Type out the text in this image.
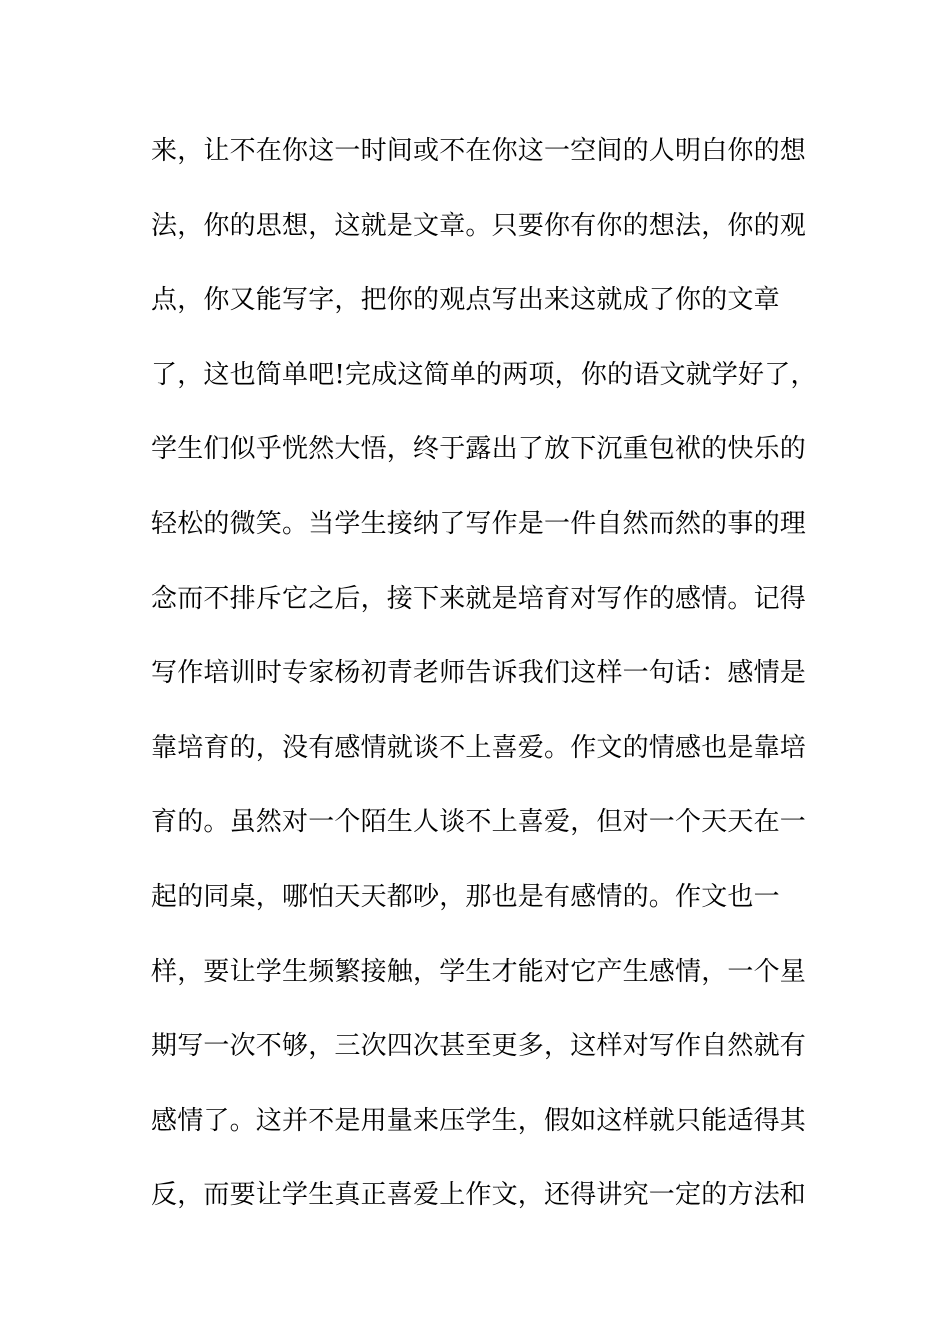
来，让不在你这一时间或不在你这一空间的人明白你的想
法，你的思想，这就是文章。只要你有你的想法，你的观
点，你又能写字，把你的观点写出来这就成了你的文章
了，这也简单吧!完成这简单的两项，你的语文就学好了，
学生们似乎恍然大悟，终于露出了放下沉重包袱的快乐的
轻松的微笑。当学生接纳了写作是一件自然而然的事的理
念而不排斥它之后，接下来就是培育对写作的感情。记得
写作培训时专家杨初青老师告诉我们这样一句话：感情是
靠培育的，没有感情就谈不上喜爱。作文的情感也是靠培
育的。虽然对一个陌生人谈不上喜爱，但对一个天天在一
起的同桌，哪怕天天都吵，那也是有感情的。作文也一
样，要让学生频繁接触，学生才能对它产生感情，一个星
期写一次不够，三次四次甚至更多，这样对写作自然就有
感情了。这并不是用量来压学生，假如这样就只能适得其
反，而要让学生真正喜爱上作文，还得讲究一定的方法和
